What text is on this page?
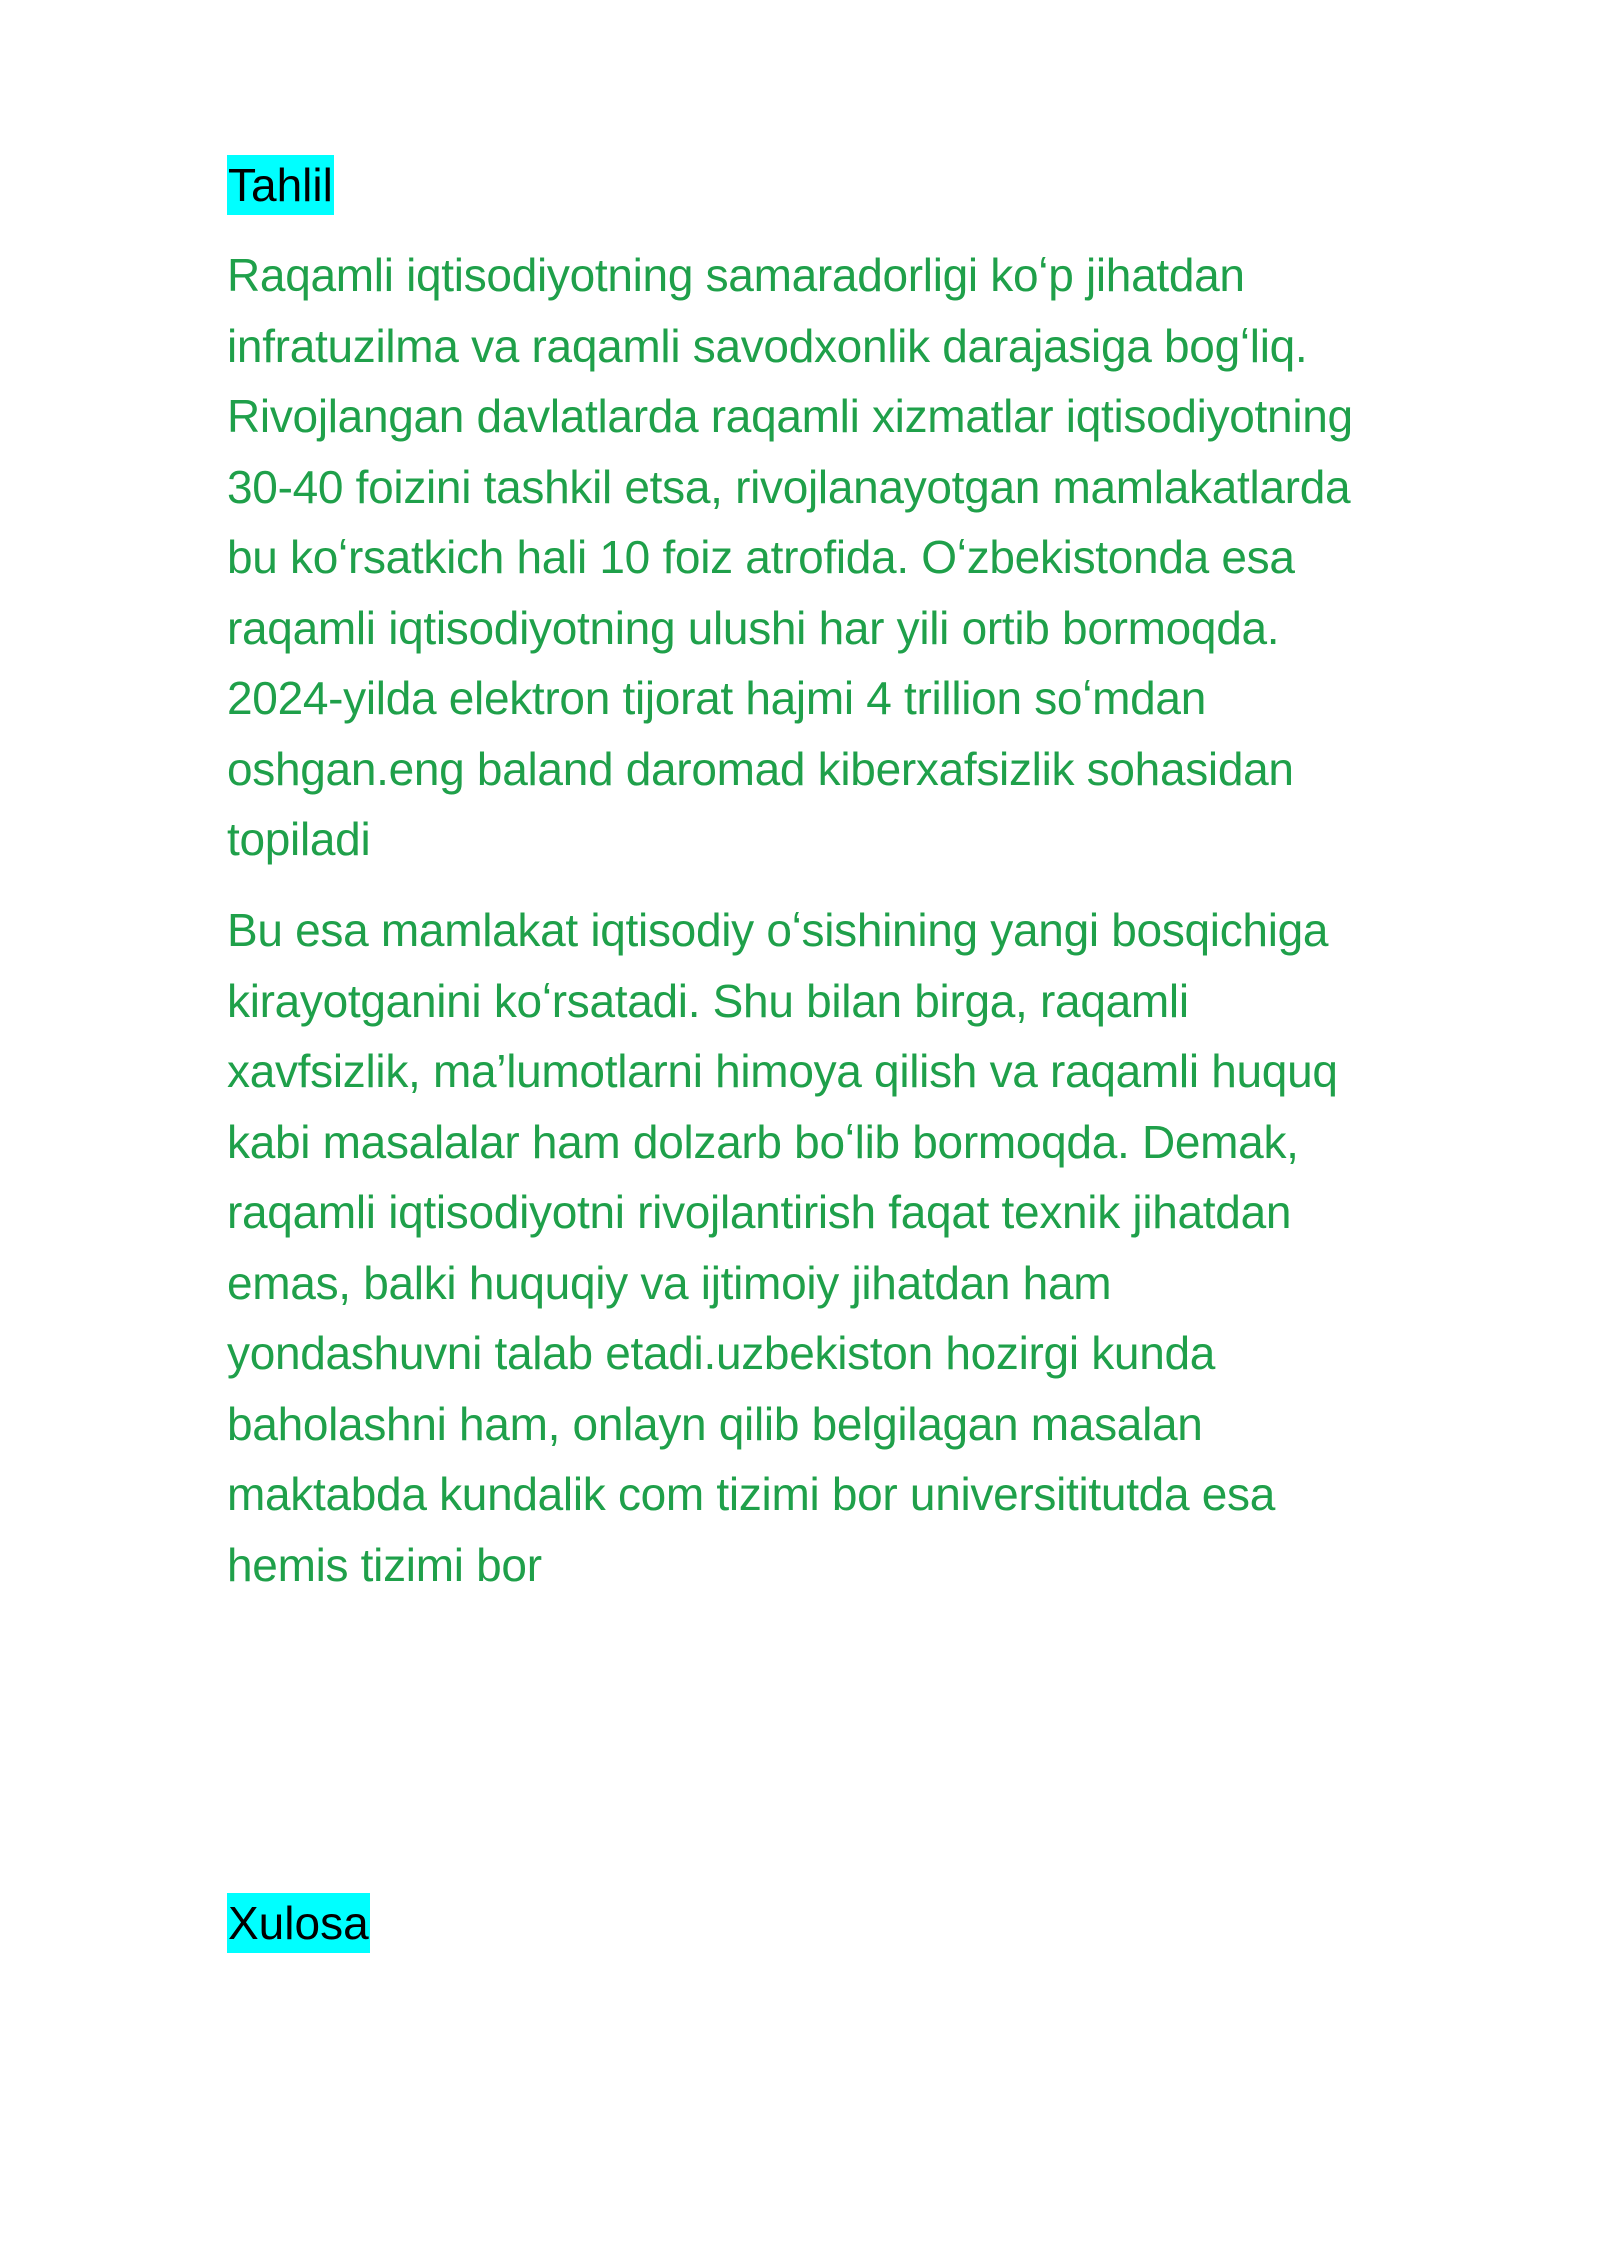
Tahlil

Raqamli iqtisodiyotning samaradorligi koʻp jihatdan
infratuzilma va raqamli savodxonlik darajasiga bogʻliq.
Rivojlangan davlatlarda raqamli xizmatlar iqtisodiyotning
30-40 foizini tashkil etsa, rivojlanayotgan mamlakatlarda
bu koʻrsatkich hali 10 foiz atrofida. Oʻzbekistonda esa
raqamli iqtisodiyotning ulushi har yili ortib bormoqda.
2024-yilda elektron tijorat hajmi 4 trillion soʻmdan
oshgan.eng baland daromad kiberxafsizlik sohasidan
topiladi

Bu esa mamlakat iqtisodiy oʻsishining yangi bosqichiga
kirayotganini koʻrsatadi. Shu bilan birga, raqamli
xavfsizlik, ma’lumotlarni himoya qilish va raqamli huquq
kabi masalalar ham dolzarb boʻlib bormoqda. Demak,
raqamli iqtisodiyotni rivojlantirish faqat texnik jihatdan
emas, balki huquqiy va ijtimoiy jihatdan ham
yondashuvni talab etadi.uzbekiston hozirgi kunda
baholashni ham, onlayn qilib belgilagan masalan
maktabda kundalik com tizimi bor universititutda esa
hemis tizimi bor

Xulosa
